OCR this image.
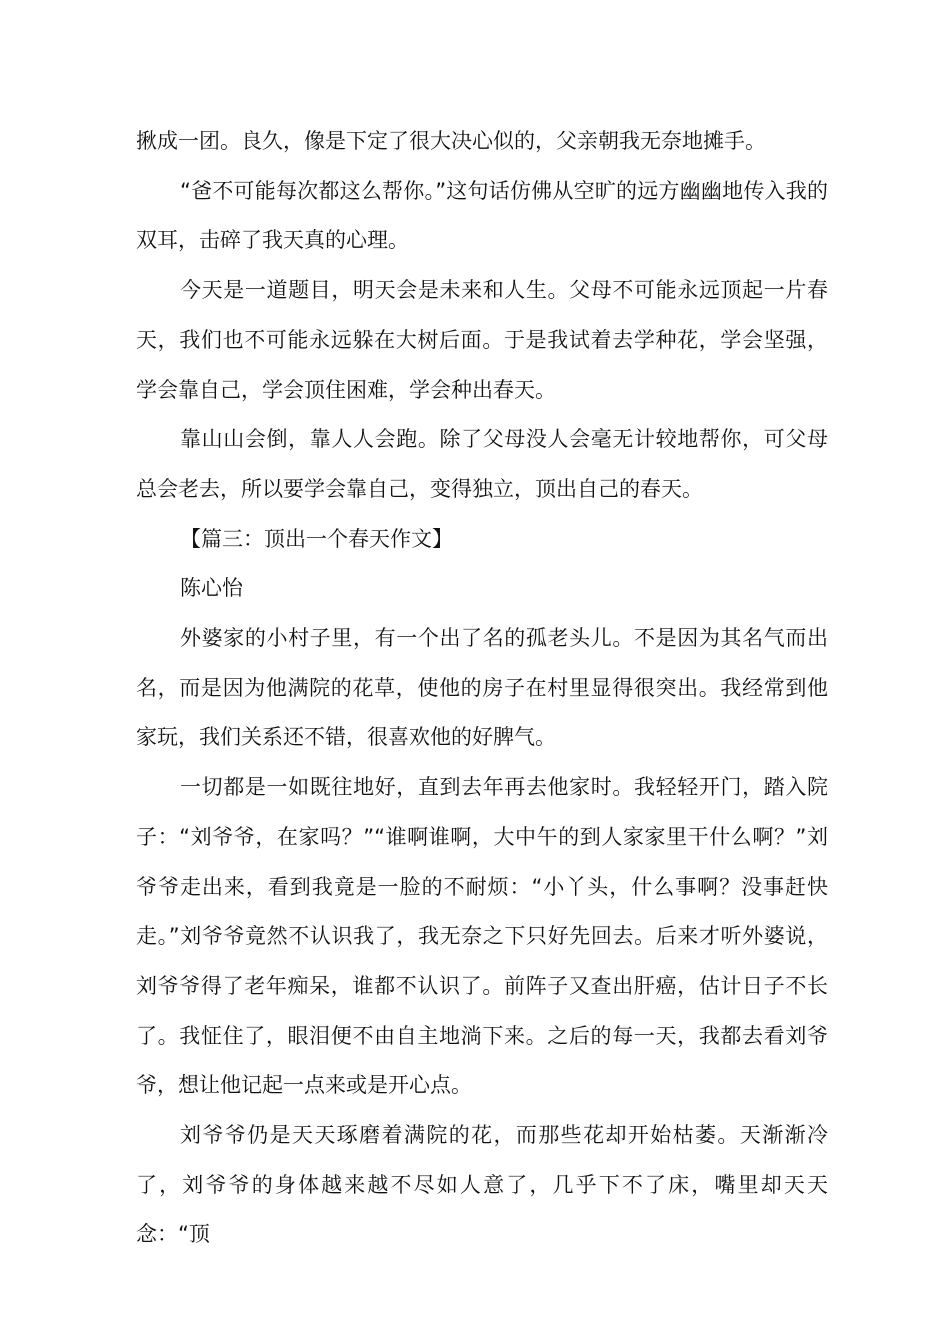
揪成一团。良久，像是下定了很大决心似的，父亲朝我无奈地摊手。

“爸不可能每次都这么帮你。”这句话仿佛从空旷的远方幽幽地传入我的双耳，击碎了我天真的心理。

今天是一道题目，明天会是未来和人生。父母不可能永远顶起一片春天，我们也不可能永远躲在大树后面。于是我试着去学种花，学会坚强，学会靠自己，学会顶住困难，学会种出春天。

靠山山会倒，靠人人会跑。除了父母没人会毫无计较地帮你，可父母总会老去，所以要学会靠自己，变得独立，顶出自己的春天。

【篇三：顶出一个春天作文】

陈心怡

外婆家的小村子里，有一个出了名的孤老头儿。不是因为其名气而出名，而是因为他满院的花草，使他的房子在村里显得很突出。我经常到他家玩，我们关系还不错，很喜欢他的好脾气。

一切都是一如既往地好，直到去年再去他家时。我轻轻开门，踏入院子：“刘爷爷，在家吗？”“谁啊谁啊，大中午的到人家家里干什么啊？”刘爷爷走出来，看到我竟是一脸的不耐烦：“小丫头，什么事啊？没事赶快走。”刘爷爷竟然不认识我了，我无奈之下只好先回去。后来才听外婆说，刘爷爷得了老年痴呆，谁都不认识了。前阵子又查出肝癌，估计日子不长了。我怔住了，眼泪便不由自主地淌下来。之后的每一天，我都去看刘爷爷，想让他记起一点来或是开心点。

刘爷爷仍是天天琢磨着满院的花，而那些花却开始枯萎。天渐渐冷了，刘爷爷的身体越来越不尽如人意了，几乎下不了床，嘴里却天天念：“顶
